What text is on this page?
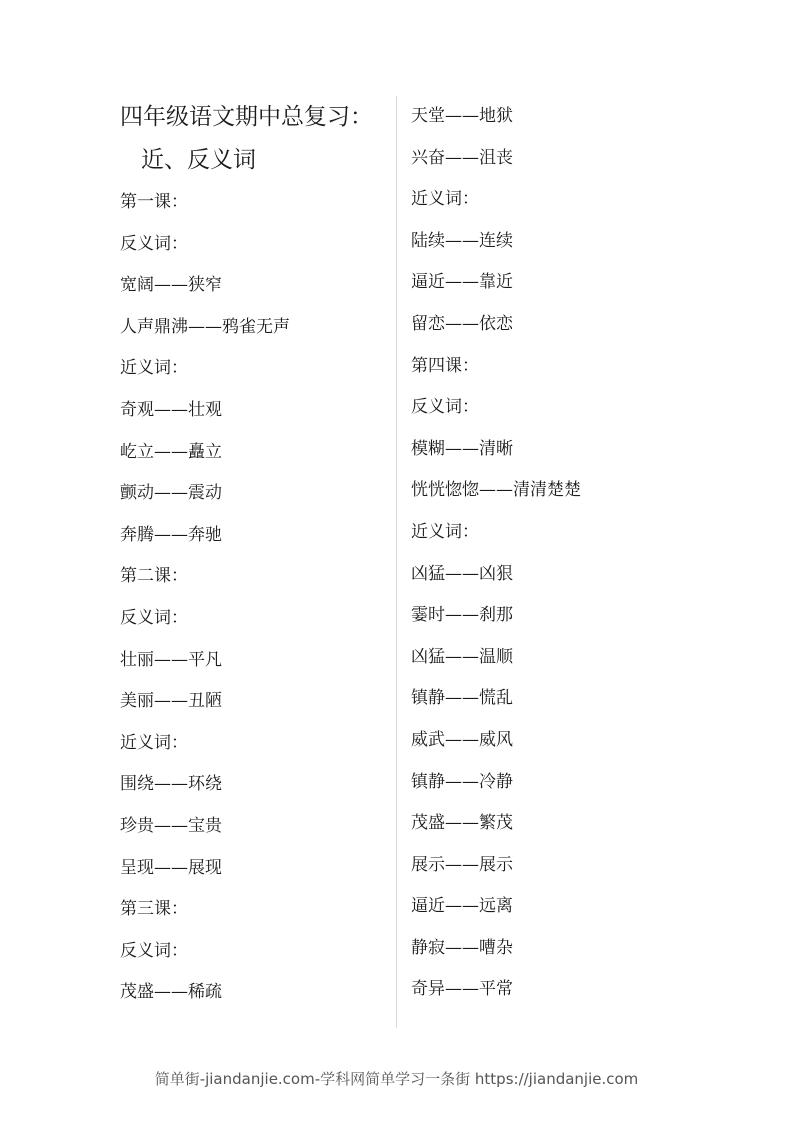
四年级语文期中总复习：
近、反义词
第一课：
反义词：
宽阔——狭窄
人声鼎沸——鸦雀无声
近义词：
奇观——壮观
屹立——矗立
颤动——震动
奔腾——奔驰
第二课：
反义词：
壮丽——平凡
美丽——丑陋
近义词：
围绕——环绕
珍贵——宝贵
呈现——展现
第三课：
反义词：
茂盛——稀疏
天堂——地狱
兴奋——沮丧
近义词：
陆续——连续
逼近——靠近
留恋——依恋
第四课：
反义词：
模糊——清晰
恍恍惚惚——清清楚楚
近义词：
凶猛——凶狠
霎时——刹那
凶猛——温顺
镇静——慌乱
威武——威风
镇静——冷静
茂盛——繁茂
展示——展示
逼近——远离
静寂——嘈杂
奇异——平常
简单街-jiandanjie.com-学科网简单学习一条街 https://jiandanjie.com
